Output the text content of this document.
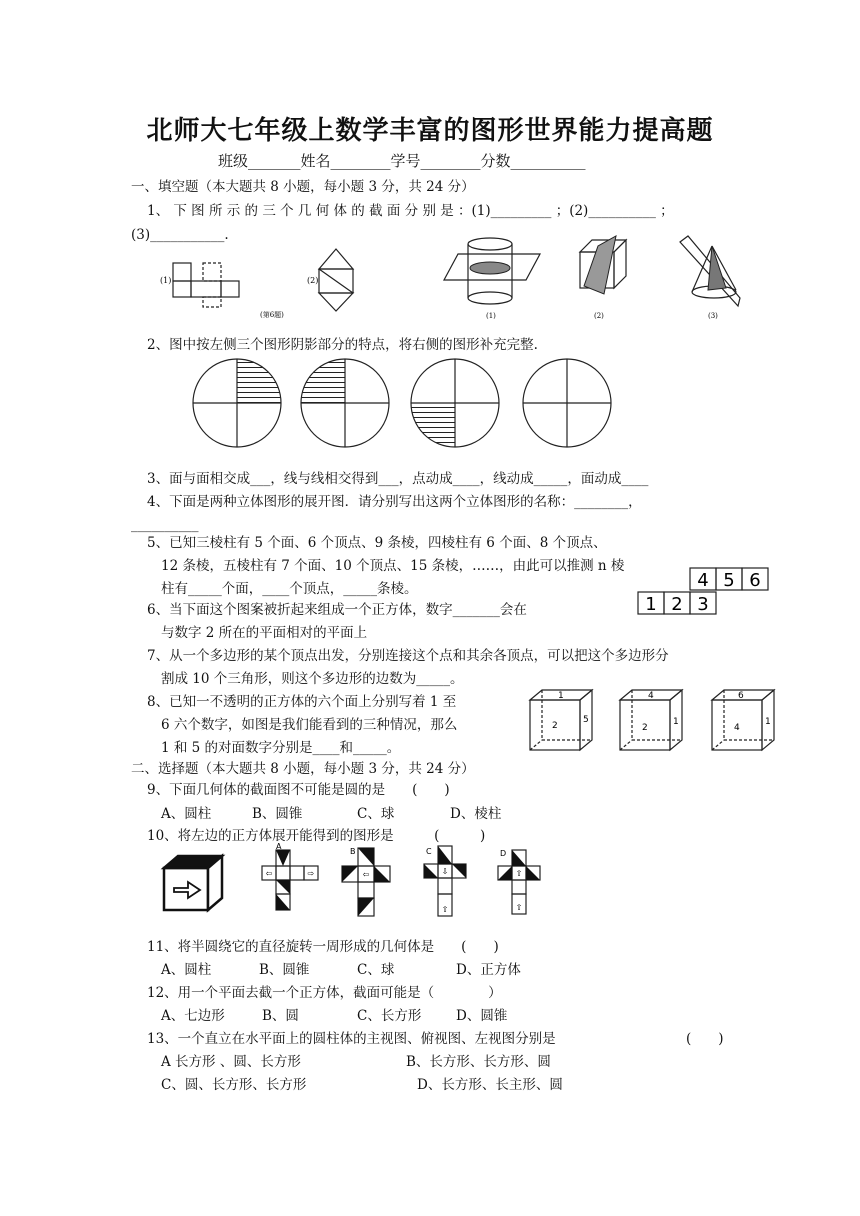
北师大七年级上数学丰富的图形世界能力提高题
班级_______姓名________学号________分数__________
一、填空题（本大题共 8 小题，每小题 3 分，共 24 分）
1、 下 图 所 示 的 三 个 几 何 体 的 截 面 分 别 是 ：(1)_________ ；(2)__________ ；
(3)___________.
(1)	(2)
(第6题)	(1)	(2)	(3)
2、图中按左侧三个图形阴影部分的特点，将右侧的图形补充完整.
3、面与面相交成___，线与线相交得到___，点动成____，线动成_____，面动成____
4、下面是两种立体图形的展开图．请分别写出这两个立体图形的名称：________，
__________
5、已知三棱柱有 5 个面、6 个顶点、9 条棱，四棱柱有 6 个面、8 个顶点、
12 条棱，五棱柱有 7 个面、10 个顶点、15 条棱，……，由此可以推测 n 棱
柱有_____个面，____个顶点，_____条棱。	4 5 6
1 2 3
6、当下面这个图案被折起来组成一个正方体，数字_______会在
与数字 2 所在的平面相对的平面上
7、从一个多边形的某个顶点出发，分别连接这个点和其余各顶点，可以把这个多边形分
割成 10 个三角形，则这个多边形的边数为_____。
8、已知一不透明的正方体的六个面上分别写着 1 至
6 六个数字，如图是我们能看到的三种情况，那么
1 和 5 的对面数字分别是____和_____。
1
2
5
4
2
1
6
4
1
二、选择题（本大题共 8 小题，每小题 3 分，共 24 分）
9、下面几何体的截面图不可能是圆的是　　(　　)
A、圆柱	B、圆锥	C、球	D、棱柱
10、将左边的正方体展开能得到的图形是　　　(　　　)
A
B	C	D
⇦	⇨	⇦	⇩
⇧
⇧
⇧
11、将半圆绕它的直径旋转一周形成的几何体是　　(　　)
A、圆柱	B、圆锥	C、球	D、正方体
12、用一个平面去截一个正方体，截面可能是（　　　　）
A、七边形	B、圆	C、长方形	D、圆锥
13、一个直立在水平面上的圆柱体的主视图、俯视图、左视图分别是	(　　)
A 长方形 、圆、长方形	B、长方形、长方形、圆
C、圆、长方形、长方形	D、长方形、长主形、圆
